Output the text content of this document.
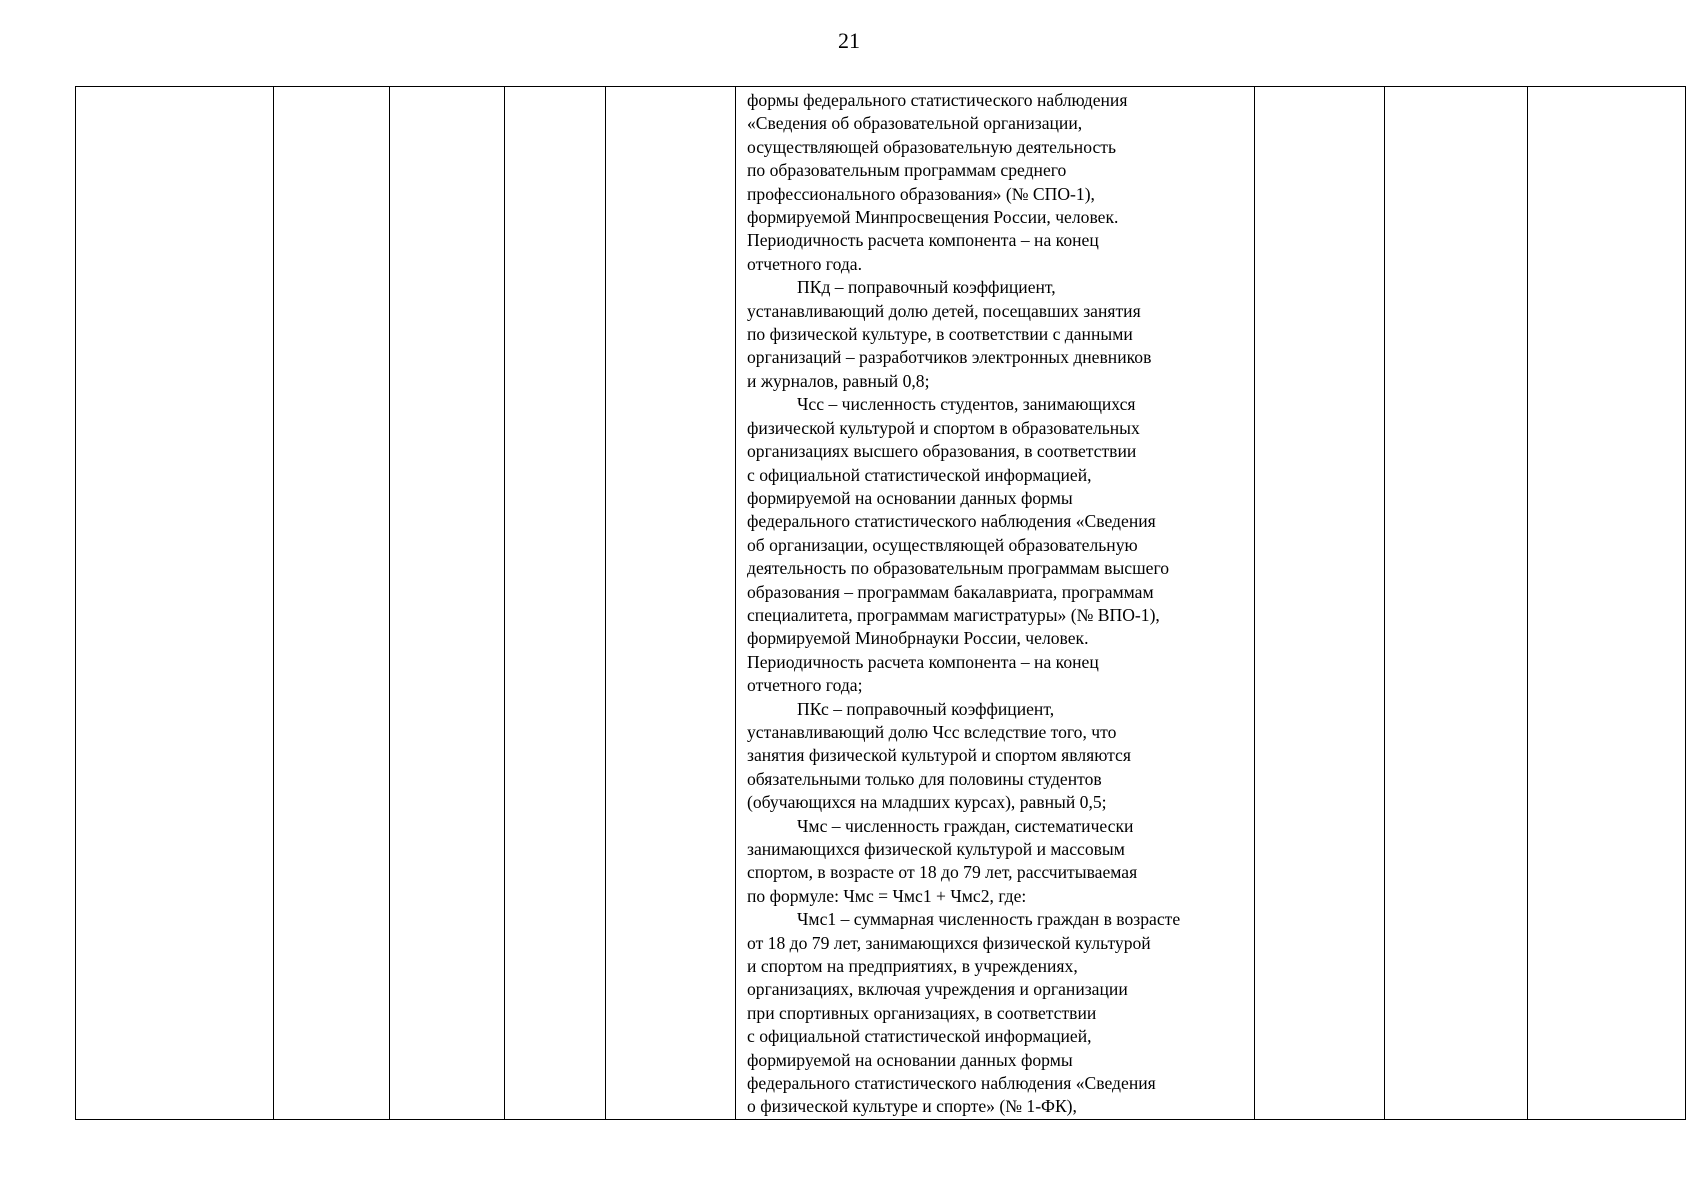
21

формы федерального статистического наблюдения
«Сведения об образовательной организации,
осуществляющей образовательную деятельность
по образовательным программам среднего
профессионального образования» (№ СПО-1),
формируемой Минпросвещения России, человек.
Периодичность расчета компонента – на конец
отчетного года.
ПКд – поправочный коэффициент,
устанавливающий долю детей, посещавших занятия
по физической культуре, в соответствии с данными
организаций – разработчиков электронных дневников
и журналов, равный 0,8;
Чсс – численность студентов, занимающихся
физической культурой и спортом в образовательных
организациях высшего образования, в соответствии
с официальной статистической информацией,
формируемой на основании данных формы
федерального статистического наблюдения «Сведения
об организации, осуществляющей образовательную
деятельность по образовательным программам высшего
образования – программам бакалавриата, программам
специалитета, программам магистратуры» (№ ВПО-1),
формируемой Минобрнауки России, человек.
Периодичность расчета компонента – на конец
отчетного года;
ПКс – поправочный коэффициент,
устанавливающий долю Чсс вследствие того, что
занятия физической культурой и спортом являются
обязательными только для половины студентов
(обучающихся на младших курсах), равный 0,5;
Чмс – численность граждан, систематически
занимающихся физической культурой и массовым
спортом, в возрасте от 18 до 79 лет, рассчитываемая
по формуле: Чмс = Чмс1 + Чмс2, где:
Чмс1 – суммарная численность граждан в возрасте
от 18 до 79 лет, занимающихся физической культурой
и спортом на предприятиях, в учреждениях,
организациях, включая учреждения и организации
при спортивных организациях, в соответствии
с официальной статистической информацией,
формируемой на основании данных формы
федерального статистического наблюдения «Сведения
о физической культуре и спорте» (№ 1-ФК),
